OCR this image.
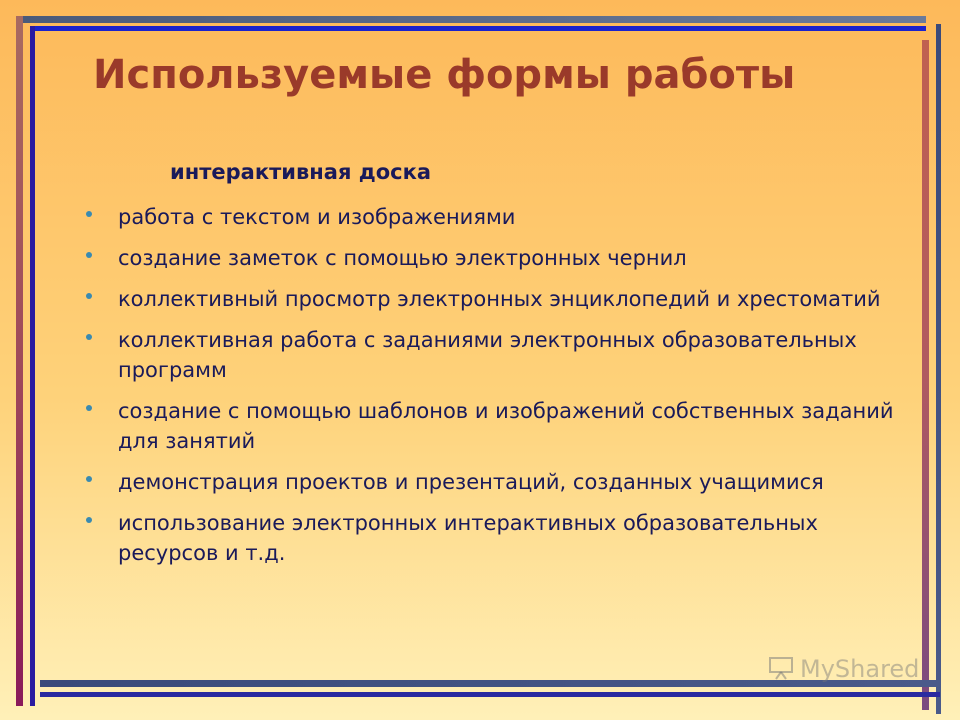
Используемые формы работы
интерактивная доска
работа с текстом и изображениями
создание заметок с помощью электронных чернил
коллективный просмотр электронных энциклопедий и хрестоматий
коллективная работа с заданиями электронных образовательных программ
создание с помощью шаблонов и изображений собственных заданий для занятий
демонстрация проектов и презентаций, созданных учащимися
использование электронных интерактивных образовательных ресурсов и т.д.
MyShared
